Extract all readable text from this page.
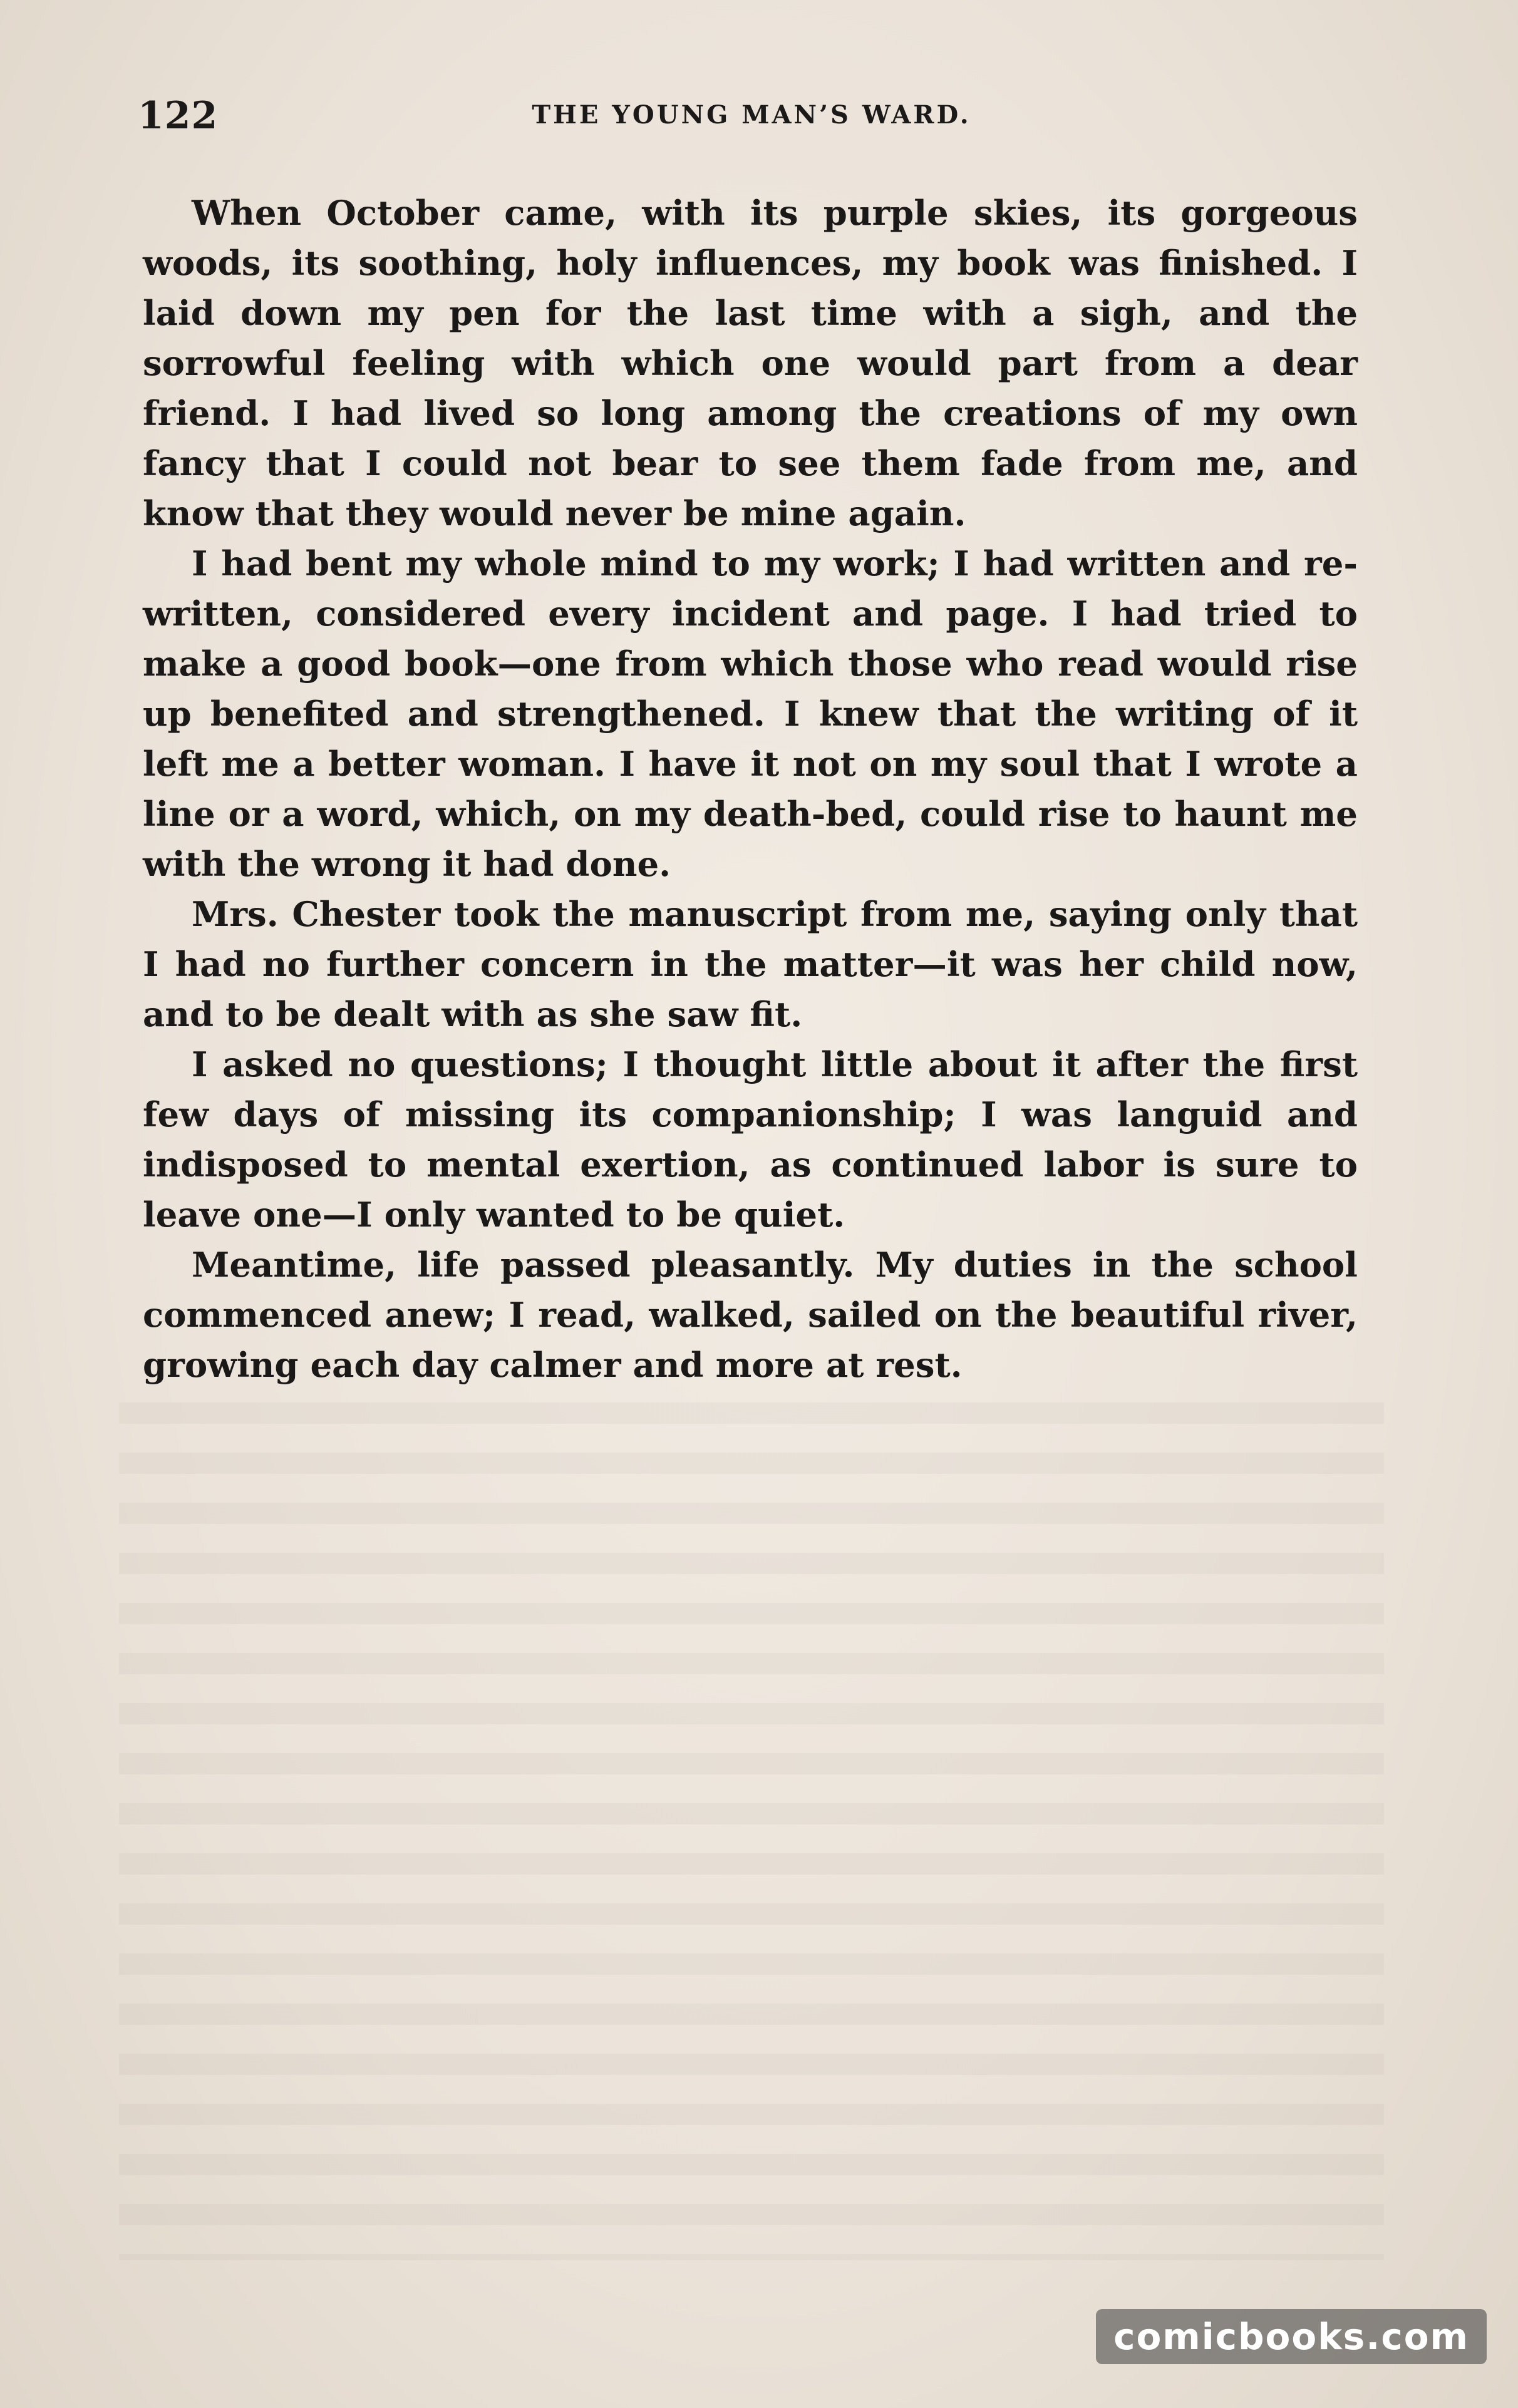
122	THE YOUNG MAN’S WARD.

When October came, with its purple skies, its gorgeous woods, its soothing, holy influences, my book was finished. I laid down my pen for the last time with a sigh, and the sorrowful feeling with which one would part from a dear friend. I had lived so long among the creations of my own fancy that I could not bear to see them fade from me, and know that they would never be mine again.

I had bent my whole mind to my work; I had written and re-written, considered every incident and page. I had tried to make a good book—one from which those who read would rise up benefited and strengthened. I knew that the writing of it left me a better woman. I have it not on my soul that I wrote a line or a word, which, on my death-bed, could rise to haunt me with the wrong it had done.

Mrs. Chester took the manuscript from me, saying only that I had no further concern in the matter—it was her child now, and to be dealt with as she saw fit.

I asked no questions; I thought little about it after the first few days of missing its companionship; I was languid and indisposed to mental exertion, as continued labor is sure to leave one—I only wanted to be quiet.

Meantime, life passed pleasantly. My duties in the school commenced anew; I read, walked, sailed on the beautiful river, growing each day calmer and more at rest.

comicbooks.com
